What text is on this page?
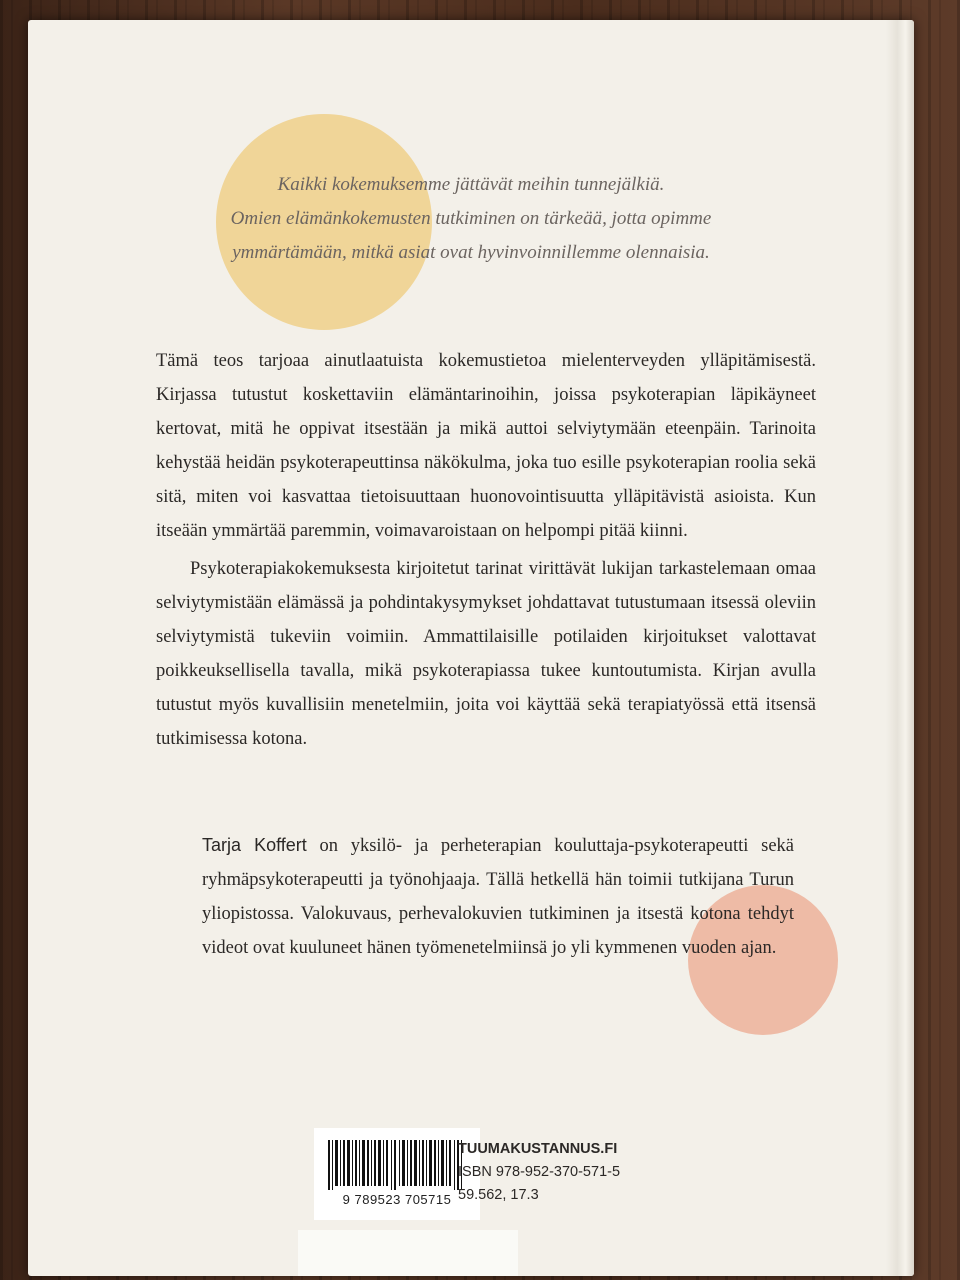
Kaikki kokemuksemme jättävät meihin tunnejälkiä.
Omien elämänkokemusten tutkiminen on tärkeää, jotta opimme
ymmärtämään, mitkä asiat ovat hyvinvoinnillemme olennaisia.

Tämä teos tarjoaa ainutlaatuista kokemustietoa mielenterveyden ylläpitämisestä. Kirjassa tutustut koskettaviin elämäntarinoihin, joissa psykoterapian läpikäyneet kertovat, mitä he oppivat itsestään ja mikä auttoi selviytymään eteenpäin. Tarinoita kehystää heidän psykoterapeuttinsa näkökulma, joka tuo esille psykoterapian roolia sekä sitä, miten voi kasvattaa tietoisuuttaan huonovointisuutta ylläpitävistä asioista. Kun itseään ymmärtää paremmin, voimavaroistaan on helpompi pitää kiinni.

Psykoterapiakokemuksesta kirjoitetut tarinat virittävät lukijan tarkastelemaan omaa selviytymistään elämässä ja pohdintakysymykset johdattavat tutustumaan itsessä oleviin selviytymistä tukeviin voimiin. Ammattilaisille potilaiden kirjoitukset valottavat poikkeuksellisella tavalla, mikä psykoterapiassa tukee kuntoutumista. Kirjan avulla tutustut myös kuvallisiin menetelmiin, joita voi käyttää sekä terapiatyössä että itsensä tutkimisessa kotona.

Tarja Koffert on yksilö- ja perheterapian kouluttaja-psykoterapeutti sekä ryhmäpsykoterapeutti ja työnohjaaja. Tällä hetkellä hän toimii tutkijana Turun yliopistossa. Valokuvaus, perhevalokuvien tutkiminen ja itsestä kotona tehdyt videot ovat kuuluneet hänen työmenetelmiinsä jo yli kymmenen vuoden ajan.

9 789523 705715
TUUMAKUSTANNUS.FI
ISBN 978-952-370-571-5
59.562, 17.3
